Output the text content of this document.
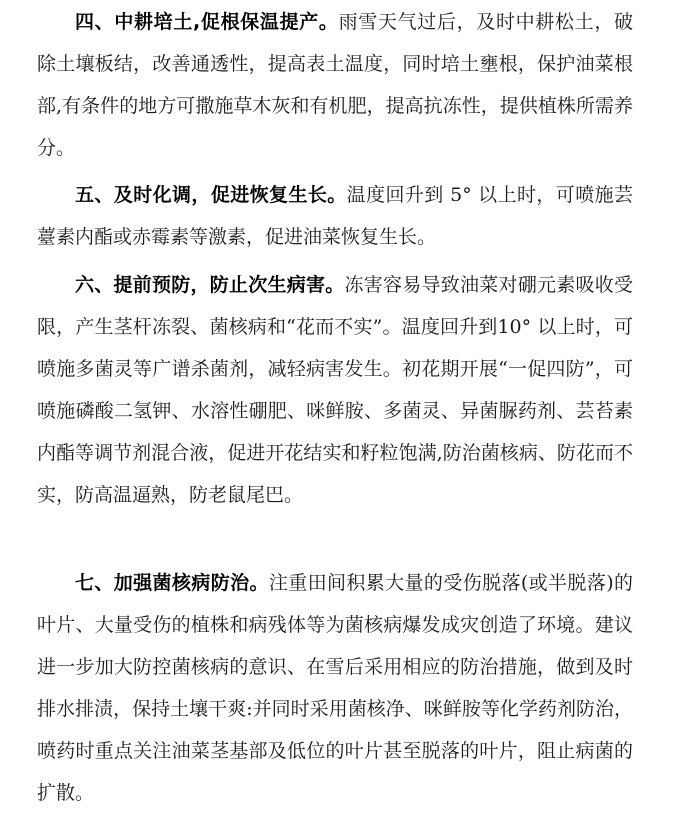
四、中耕培土,促根保温提产。雨雪天气过后，及时中耕松土，破除土壤板结，改善通透性，提高表土温度，同时培土壅根，保护油菜根部,有条件的地方可撒施草木灰和有机肥，提高抗冻性，提供植株所需养分。

五、及时化调，促进恢复生长。温度回升到 5° 以上时，可喷施芸薹素内酯或赤霉素等激素，促进油菜恢复生长。

六、提前预防，防止次生病害。冻害容易导致油菜对硼元素吸收受限，产生茎杆冻裂、菌核病和“花而不实”。温度回升到10° 以上时，可喷施多菌灵等广谱杀菌剂，减轻病害发生。初花期开展“一促四防”，可喷施磷酸二氢钾、水溶性硼肥、咪鲜胺、多菌灵、异菌脲药剂、芸苔素内酯等调节剂混合液，促进开花结实和籽粒饱满,防治菌核病、防花而不实，防高温逼熟，防老鼠尾巴。

七、加强菌核病防治。注重田间积累大量的受伤脱落(或半脱落)的叶片、大量受伤的植株和病残体等为菌核病爆发成灾创造了环境。建议进一步加大防控菌核病的意识、在雪后采用相应的防治措施，做到及时排水排渍，保持土壤干爽:并同时采用菌核净、咪鲜胺等化学药剂防治，喷药时重点关注油菜茎基部及低位的叶片甚至脱落的叶片，阻止病菌的扩散。
